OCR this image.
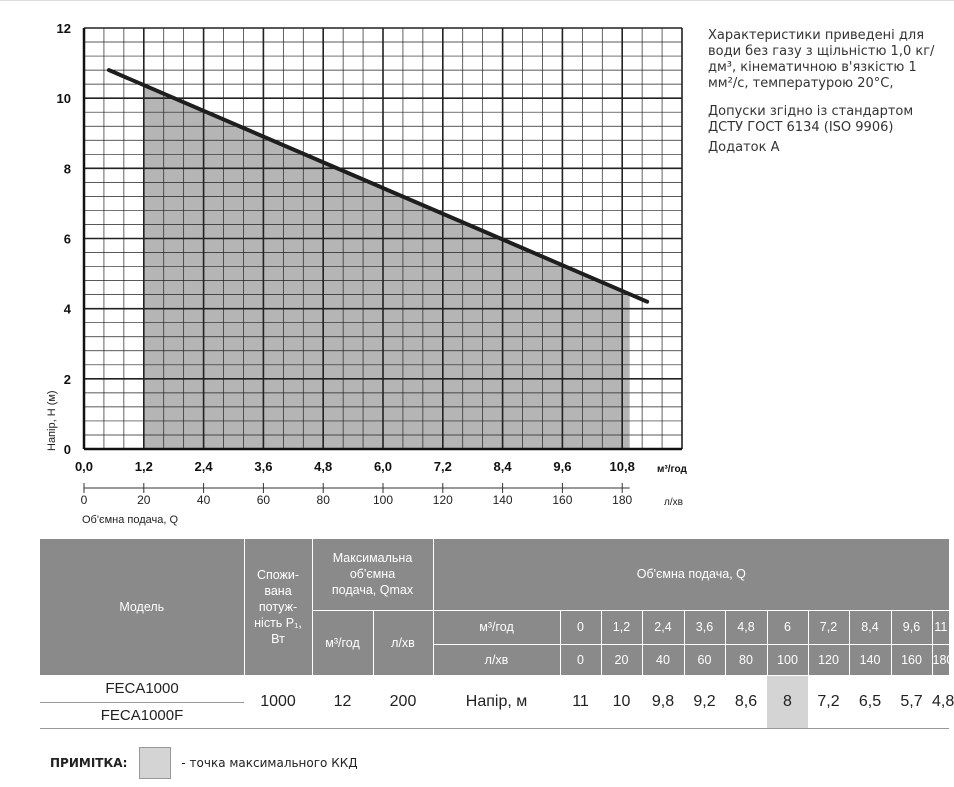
0
2
4
6
8
10
12
0,0	1,2	2,4	3,6	4,8	6,0	7,2	8,4	9,6	10,8 м³/год
0	20	40	60	80	100	120	140	160	180	л/хв
Напір, Н (м)
Об'ємна подача, Q

Характеристики приведені для води без газу з щільністю 1,0 кг/дм³, кінематичною в'язкістю 1 мм²/с, температурою 20°С,

Допуски згідно із стандартом ДСТУ ГОСТ 6134 (ISO 9906)

Додаток А

Модель	Спожи-вана потуж-ність P₁, Вт	Максимальна об'ємна подача, Qmax		Об'ємна подача, Q										
		м³/год	л/хв	м³/год	0	1,2	2,4	3,6	4,8	6	7,2	8,4	9,6	11
				л/хв	0	20	40	60	80	100	120	140	160	180
FECA1000	1000	12	200	Напір, м	11	10	9,8	9,2	8,6	8	7,2	6,5	5,7	4,8
FECA1000F														
ПРИМІТКА:	- точка максимального ККД
